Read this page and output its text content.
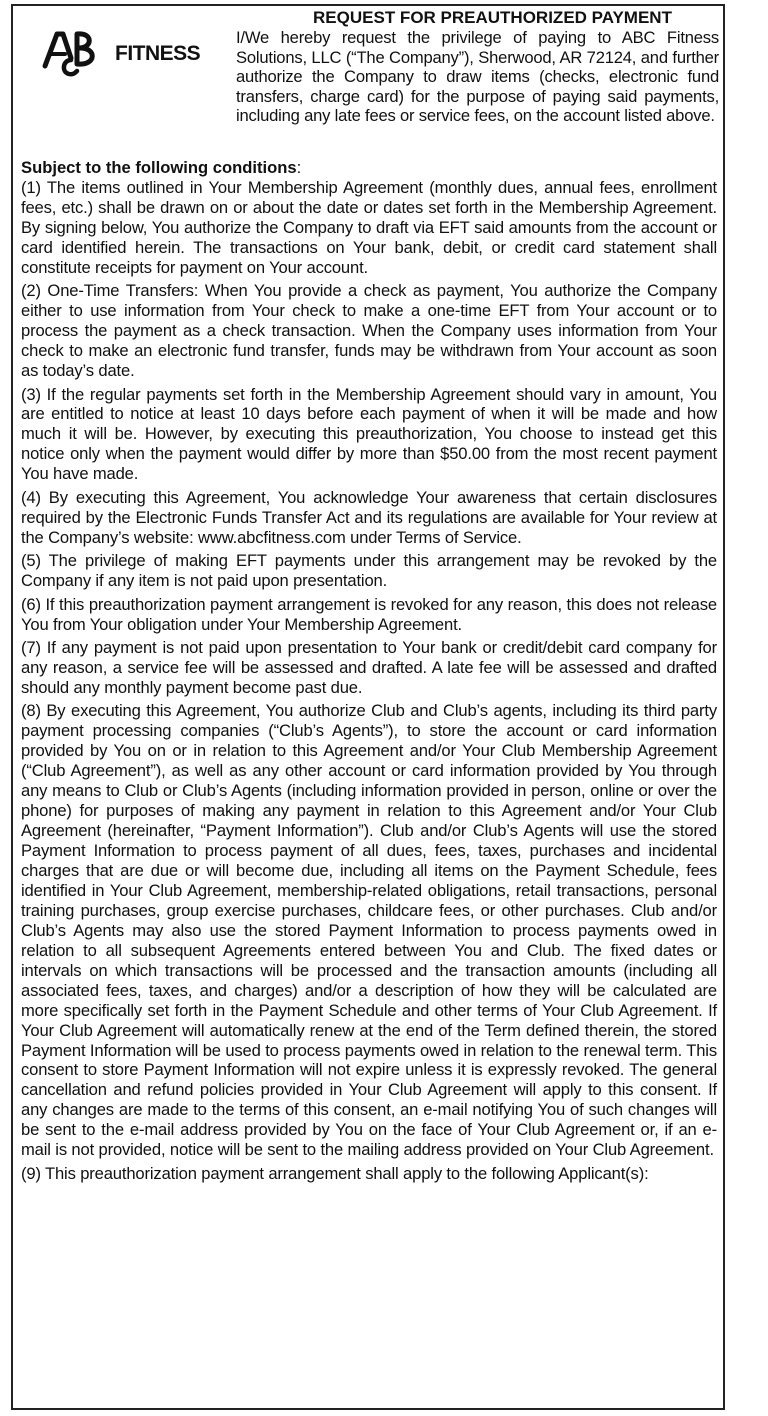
FITNESS

REQUEST FOR PREAUTHORIZED PAYMENT

I/We hereby request the privilege of paying to ABC Fitness Solutions, LLC (“The Company”), Sherwood, AR 72124, and further authorize the Company to draw items (checks, electronic fund transfers, charge card) for the purpose of paying said payments, including any late fees or service fees, on the account listed above.

Subject to the following conditions:

(1) The items outlined in Your Membership Agreement (monthly dues, annual fees, enrollment fees, etc.) shall be drawn on or about the date or dates set forth in the Membership Agreement. By signing below, You authorize the Company to draft via EFT said amounts from the account or card identified herein. The transactions on Your bank, debit, or credit card statement shall constitute receipts for payment on Your account.

(2) One-Time Transfers: When You provide a check as payment, You authorize the Company either to use information from Your check to make a one-time EFT from Your account or to process the payment as a check transaction. When the Company uses information from Your check to make an electronic fund transfer, funds may be withdrawn from Your account as soon as today’s date.

(3) If the regular payments set forth in the Membership Agreement should vary in amount, You are entitled to notice at least 10 days before each payment of when it will be made and how much it will be. However, by executing this preauthorization, You choose to instead get this notice only when the payment would differ by more than $50.00 from the most recent payment You have made.

(4) By executing this Agreement, You acknowledge Your awareness that certain disclosures required by the Electronic Funds Transfer Act and its regulations are available for Your review at the Company’s website: www.abcfitness.com under Terms of Service.

(5) The privilege of making EFT payments under this arrangement may be revoked by the Company if any item is not paid upon presentation.

(6) If this preauthorization payment arrangement is revoked for any reason, this does not release You from Your obligation under Your Membership Agreement.

(7) If any payment is not paid upon presentation to Your bank or credit/debit card company for any reason, a service fee will be assessed and drafted. A late fee will be assessed and drafted should any monthly payment become past due.

(8) By executing this Agreement, You authorize Club and Club’s agents, including its third party payment processing companies (“Club’s Agents”), to store the account or card information provided by You on or in relation to this Agreement and/or Your Club Membership Agreement (“Club Agreement”), as well as any other account or card information provided by You through any means to Club or Club’s Agents (including information provided in person, online or over the phone) for purposes of making any payment in relation to this Agreement and/or Your Club Agreement (hereinafter, “Payment Information”). Club and/or Club’s Agents will use the stored Payment Information to process payment of all dues, fees, taxes, purchases and incidental charges that are due or will become due, including all items on the Payment Schedule, fees identified in Your Club Agreement, membership-related obligations, retail transactions, personal training purchases, group exercise purchases, childcare fees, or other purchases. Club and/or Club’s Agents may also use the stored Payment Information to process payments owed in relation to all subsequent Agreements entered between You and Club. The fixed dates or intervals on which transactions will be processed and the transaction amounts (including all associated fees, taxes, and charges) and/or a description of how they will be calculated are more specifically set forth in the Payment Schedule and other terms of Your Club Agreement. If Your Club Agreement will automatically renew at the end of the Term defined therein, the stored Payment Information will be used to process payments owed in relation to the renewal term. This consent to store Payment Information will not expire unless it is expressly revoked. The general cancellation and refund policies provided in Your Club Agreement will apply to this consent. If any changes are made to the terms of this consent, an e-mail notifying You of such changes will be sent to the e-mail address provided by You on the face of Your Club Agreement or, if an e-mail is not provided, notice will be sent to the mailing address provided on Your Club Agreement.

(9) This preauthorization payment arrangement shall apply to the following Applicant(s):
